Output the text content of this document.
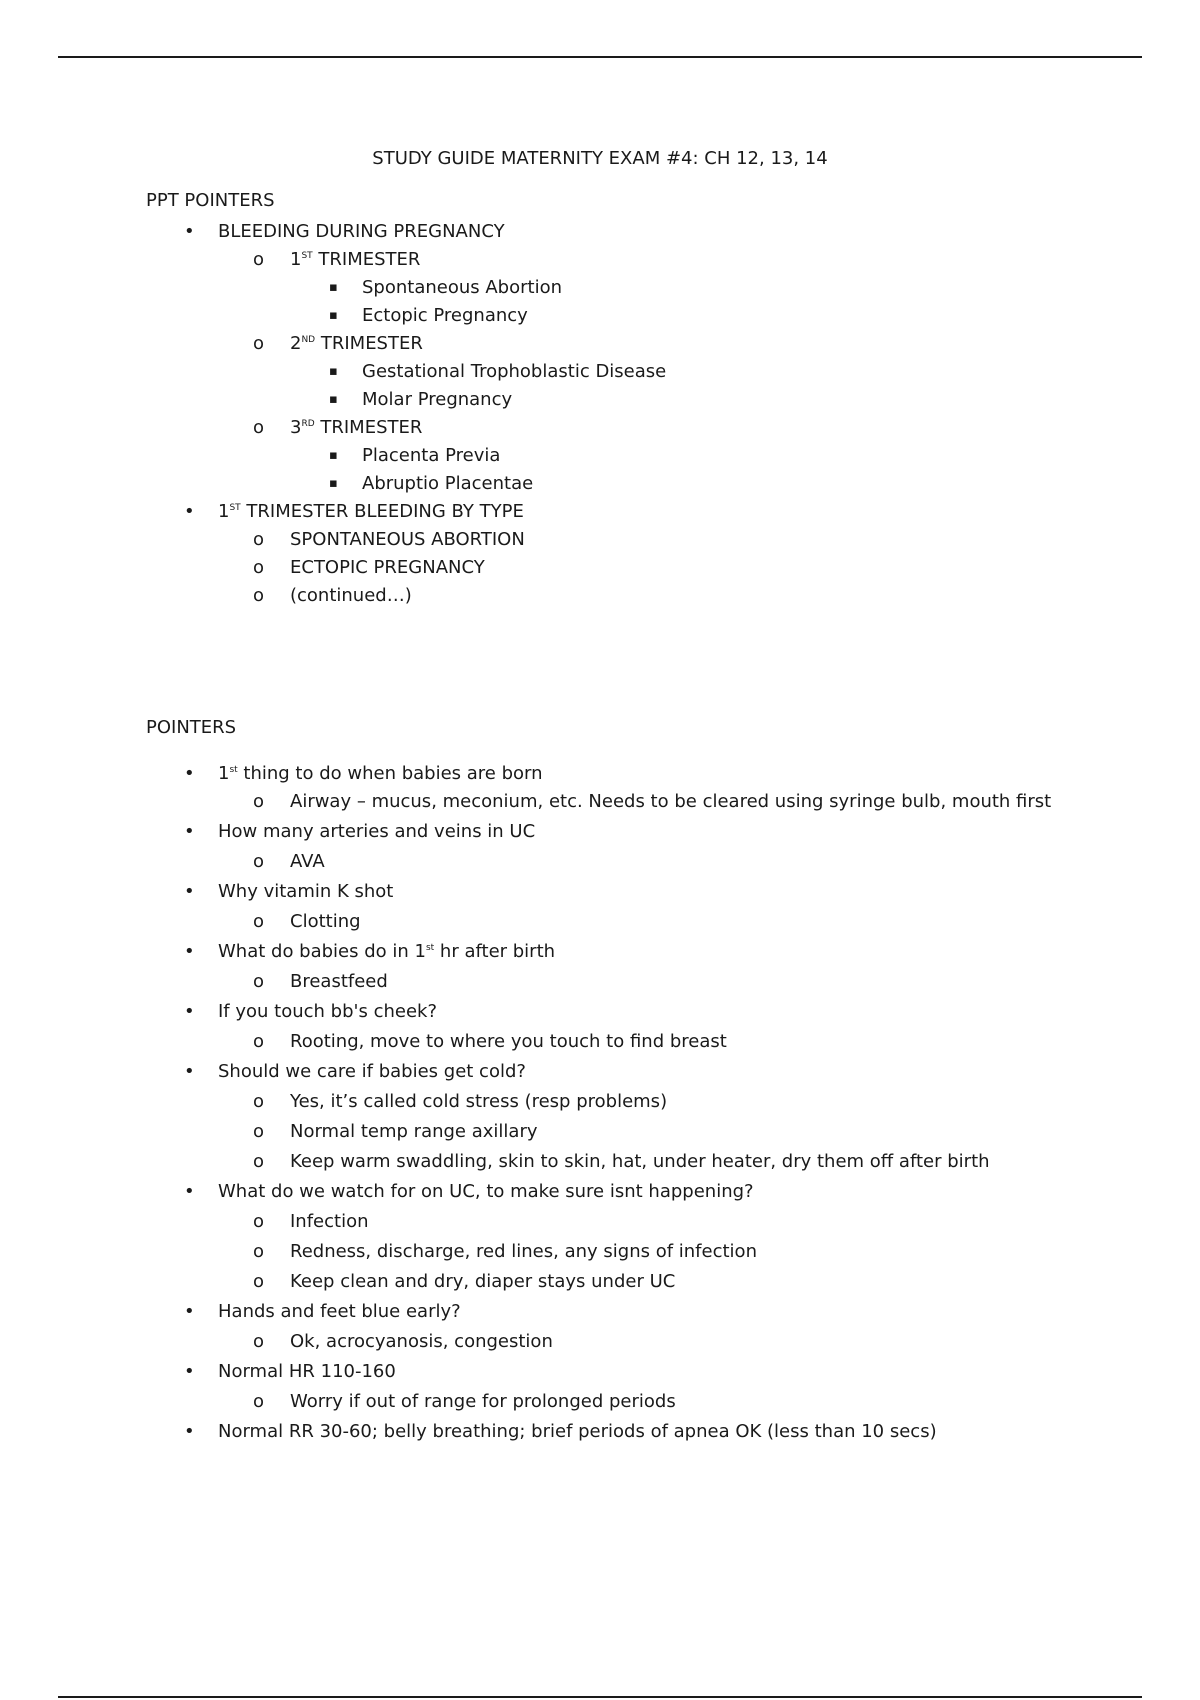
STUDY GUIDE MATERNITY EXAM #4: CH 12, 13, 14
PPT POINTERS
• BLEEDING DURING PREGNANCY
o 1ST TRIMESTER
▪ Spontaneous Abortion
▪ Ectopic Pregnancy
o 2ND TRIMESTER
▪ Gestational Trophoblastic Disease
▪ Molar Pregnancy
o 3RD TRIMESTER
▪ Placenta Previa
▪ Abruptio Placentae
• 1ST TRIMESTER BLEEDING BY TYPE
o SPONTANEOUS ABORTION
o ECTOPIC PREGNANCY
o (continued…)
POINTERS
• 1st thing to do when babies are born
o Airway – mucus, meconium, etc. Needs to be cleared using syringe bulb, mouth first
• How many arteries and veins in UC
o AVA
• Why vitamin K shot
o Clotting
• What do babies do in 1st hr after birth
o Breastfeed
• If you touch bb's cheek?
o Rooting, move to where you touch to find breast
• Should we care if babies get cold?
o Yes, it’s called cold stress (resp problems)
o Normal temp range axillary
o Keep warm swaddling, skin to skin, hat, under heater, dry them off after birth
• What do we watch for on UC, to make sure isnt happening?
o Infection
o Redness, discharge, red lines, any signs of infection
o Keep clean and dry, diaper stays under UC
• Hands and feet blue early?
o Ok, acrocyanosis, congestion
• Normal HR 110-160
o Worry if out of range for prolonged periods
• Normal RR 30-60; belly breathing; brief periods of apnea OK (less than 10 secs)
